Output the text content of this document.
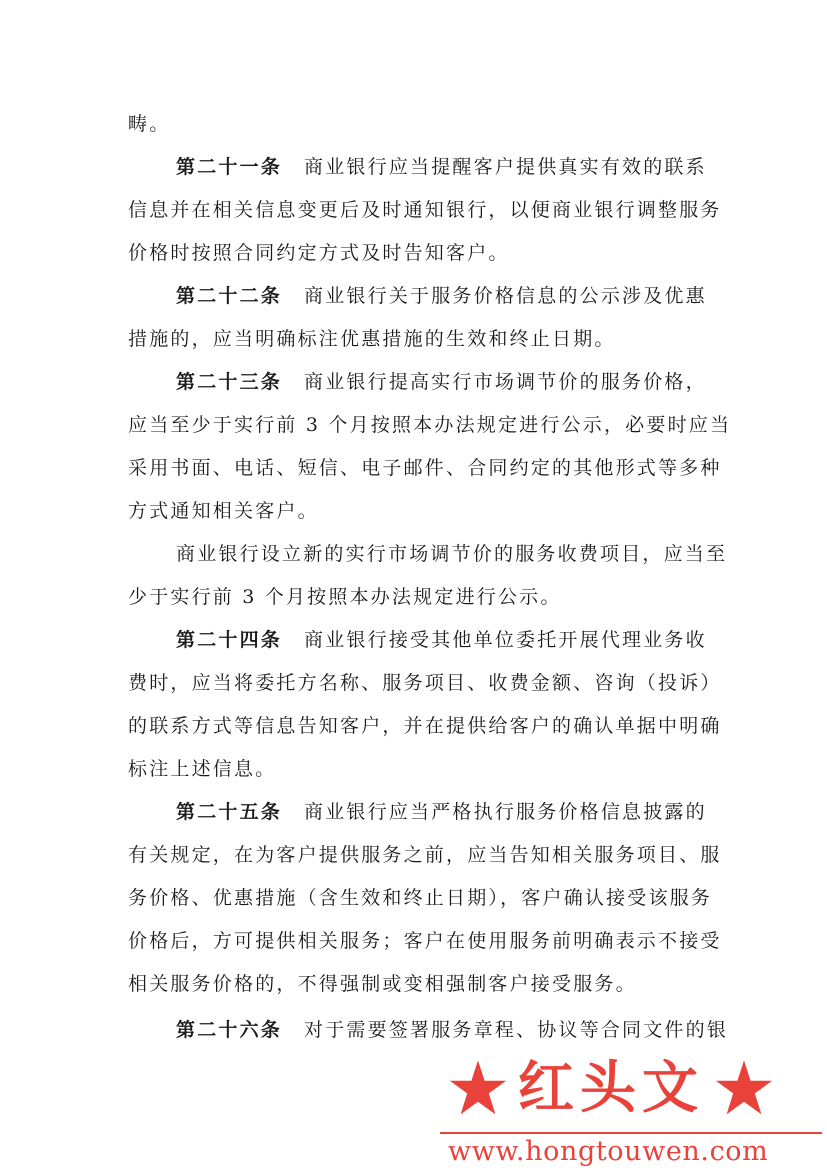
畴。
第二十一条 商业银行应当提醒客户提供真实有效的联系
信息并在相关信息变更后及时通知银行，以便商业银行调整服务
价格时按照合同约定方式及时告知客户。
第二十二条 商业银行关于服务价格信息的公示涉及优惠
措施的，应当明确标注优惠措施的生效和终止日期。
第二十三条 商业银行提高实行市场调节价的服务价格，
应当至少于实行前 3 个月按照本办法规定进行公示，必要时应当
采用书面、电话、短信、电子邮件、合同约定的其他形式等多种
方式通知相关客户。
商业银行设立新的实行市场调节价的服务收费项目，应当至
少于实行前 3 个月按照本办法规定进行公示。
第二十四条 商业银行接受其他单位委托开展代理业务收
费时，应当将委托方名称、服务项目、收费金额、咨询（投诉）
的联系方式等信息告知客户，并在提供给客户的确认单据中明确
标注上述信息。
第二十五条 商业银行应当严格执行服务价格信息披露的
有关规定，在为客户提供服务之前，应当告知相关服务项目、服
务价格、优惠措施（含生效和终止日期），客户确认接受该服务
价格后，方可提供相关服务；客户在使用服务前明确表示不接受
相关服务价格的，不得强制或变相强制客户接受服务。
第二十六条 对于需要签署服务章程、协议等合同文件的银
红头文
www.hongtouwen.com
